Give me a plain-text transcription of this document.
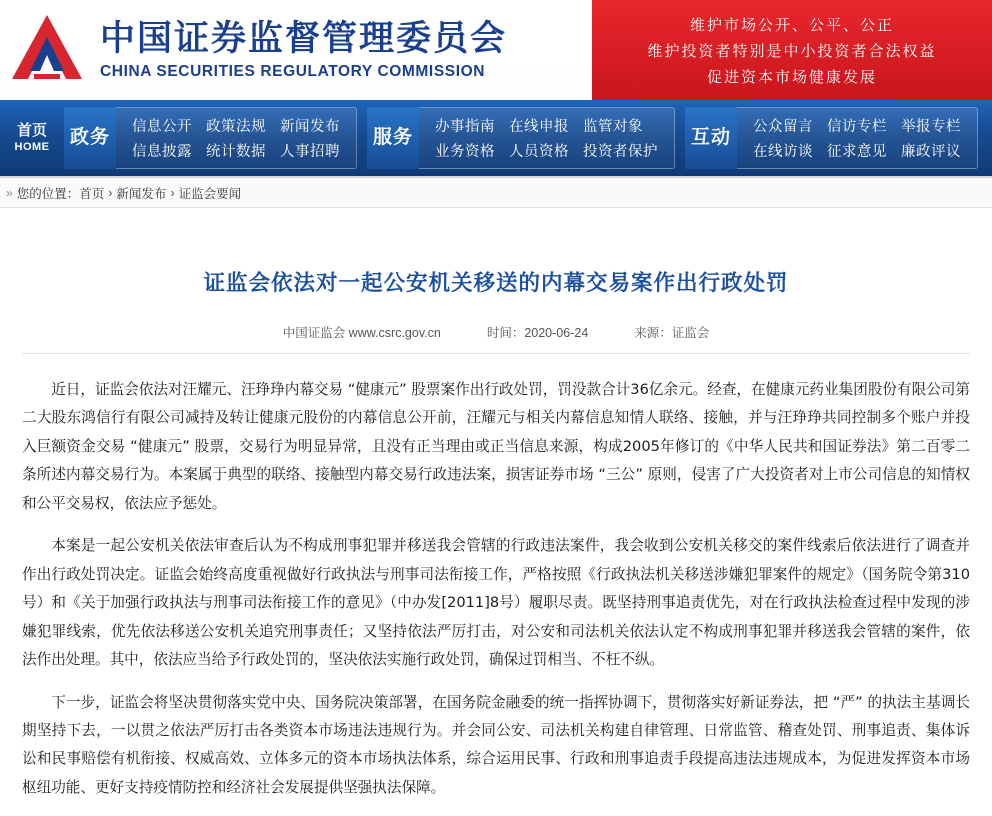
中国证券监督管理委员会
CHINA SECURITIES REGULATORY COMMISSION
维护市场公开、公平、公正
维护投资者特别是中小投资者合法权益
促进资本市场健康发展
首页
HOME 政务 信息公开 政策法规 新闻发布
信息披露 统计数据 人事招聘
服务 办事指南 在线申报 监管对象
业务资格 人员资格 投资者保护
互动 公众留言 信访专栏 举报专栏
在线访谈 征求意见 廉政评议
» 您的位置： 首页 › 新闻发布 › 证监会要闻
证监会依法对一起公安机关移送的内幕交易案作出行政处罚
中国证监会 www.csrc.gov.cn	时间：2020-06-24	来源：证监会

近日，证监会依法对汪耀元、汪琤琤内幕交易 “健康元” 股票案作出行政处罚，罚没款合计36亿余元。经查，在健康元药业集团股份有限公司第二大股东鸿信行有限公司减持及转让健康元股份的内幕信息公开前，汪耀元与相关内幕信息知情人联络、接触，并与汪琤琤共同控制多个账户并投入巨额资金交易 “健康元” 股票，交易行为明显异常，且没有正当理由或正当信息来源，构成2005年修订的《中华人民共和国证券法》第二百零二条所述内幕交易行为。本案属于典型的联络、接触型内幕交易行政违法案，损害证券市场 “三公” 原则，侵害了广大投资者对上市公司信息的知情权和公平交易权，依法应予惩处。

本案是一起公安机关依法审查后认为不构成刑事犯罪并移送我会管辖的行政违法案件，我会收到公安机关移交的案件线索后依法进行了调查并作出行政处罚决定。证监会始终高度重视做好行政执法与刑事司法衔接工作，严格按照《行政执法机关移送涉嫌犯罪案件的规定》（国务院令第310号）和《关于加强行政执法与刑事司法衔接工作的意见》（中办发[2011]8号）履职尽责。既坚持刑事追责优先，对在行政执法检查过程中发现的涉嫌犯罪线索，优先依法移送公安机关追究刑事责任；又坚持依法严厉打击，对公安和司法机关依法认定不构成刑事犯罪并移送我会管辖的案件，依法作出处理。其中，依法应当给予行政处罚的，坚决依法实施行政处罚，确保过罚相当、不枉不纵。

下一步，证监会将坚决贯彻落实党中央、国务院决策部署，在国务院金融委的统一指挥协调下，贯彻落实好新证券法，把 “严” 的执法主基调长期坚持下去，一以贯之依法严厉打击各类资本市场违法违规行为。并会同公安、司法机关构建自律管理、日常监管、稽查处罚、刑事追责、集体诉讼和民事赔偿有机衔接、权威高效、立体多元的资本市场执法体系，综合运用民事、行政和刑事追责手段提高违法违规成本，为促进发挥资本市场枢纽功能、更好支持疫情防控和经济社会发展提供坚强执法保障。
